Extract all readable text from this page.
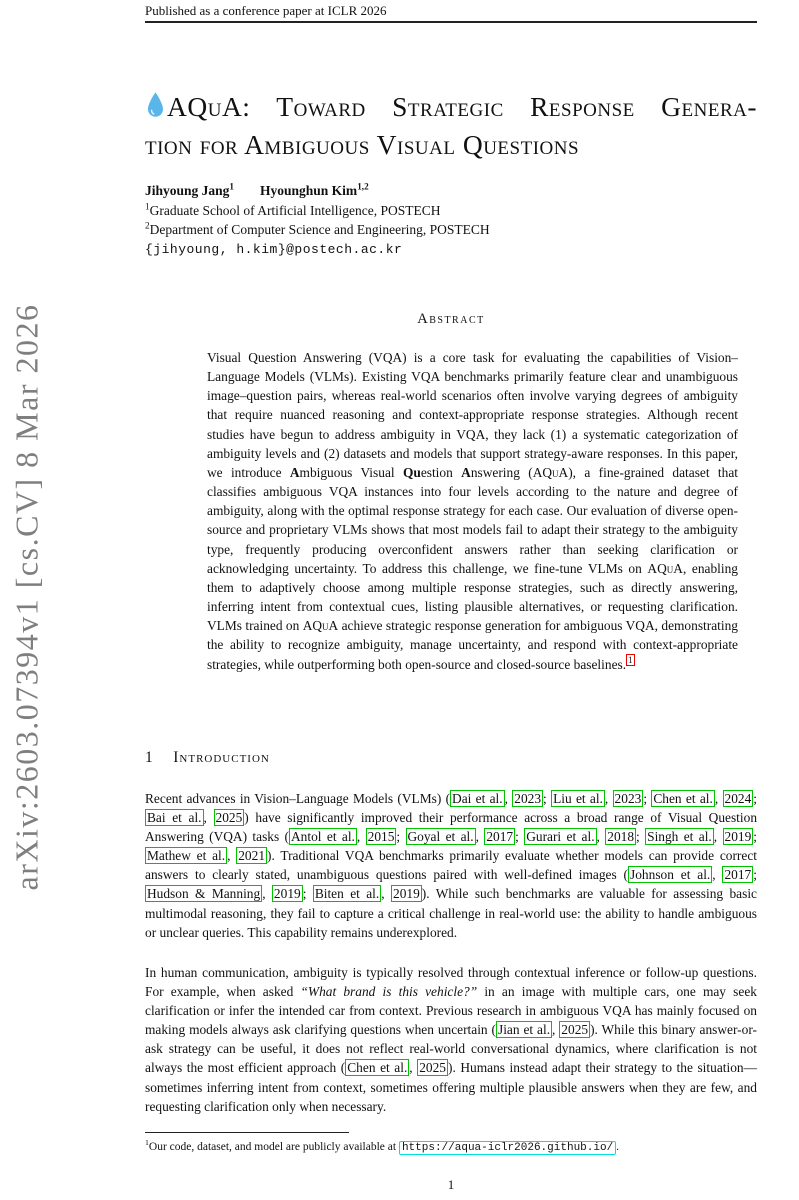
Published as a conference paper at ICLR 2026
arXiv:2603.07394v1 [cs.CV] 8 Mar 2026
AQuA: Toward Strategic Response Genera-
tion for Ambiguous Visual Questions
Jihyoung Jang$^1$ Hyounghun Kim$^{1,2}$
$^1$Graduate School of Artificial Intelligence, POSTECH
$^2$Department of Computer Science and Engineering, POSTECH
{jihyoung, h.kim}@postech.ac.kr
Abstract
Visual Question Answering (VQA) is a core task for evaluating the capabilities of Vision–Language Models (VLMs). Existing VQA benchmarks primarily feature clear and unambiguous image–question pairs, whereas real-world scenarios often involve varying degrees of ambiguity that require nuanced reasoning and context-appropriate response strategies. Although recent studies have begun to address ambiguity in VQA, they lack (1) a systematic categorization of ambiguity levels and (2) datasets and models that support strategy-aware responses. In this paper, we introduce Ambiguous Visual Question Answering (AQuA), a fine-grained dataset that classifies ambiguous VQA instances into four levels according to the nature and degree of ambiguity, along with the optimal response strategy for each case. Our evaluation of diverse open-source and proprietary VLMs shows that most models fail to adapt their strategy to the ambiguity type, frequently producing overconfident answers rather than seeking clarification or acknowledging uncertainty. To address this challenge, we fine-tune VLMs on AQuA, enabling them to adaptively choose among multiple response strategies, such as directly answering, inferring intent from contextual cues, listing plausible alternatives, or requesting clarification. VLMs trained on AQuA achieve strategic response generation for ambiguous VQA, demonstrating the ability to recognize ambiguity, manage uncertainty, and respond with context-appropriate strategies, while outperforming both open-source and closed-source baselines. $^1$
1 Introduction
Recent advances in Vision–Language Models (VLMs) ( Dai et al. , 2023 ; Liu et al. , 2023 ; Chen et al. , 2024 ; Bai et al. , 2025 ) have significantly improved their performance across a broad range of Visual Question Answering (VQA) tasks ( Antol et al. , 2015 ; Goyal et al. , 2017 ; Gurari et al. , 2018 ; Singh et al. , 2019 ; Mathew et al. , 2021 ). Traditional VQA benchmarks primarily evaluate whether models can provide correct answers to clearly stated, unambiguous questions paired with well-defined images ( Johnson et al. , 2017 ; Hudson & Manning , 2019 ; Biten et al. , 2019 ). While such benchmarks are valuable for assessing basic multimodal reasoning, they fail to capture a critical challenge in real-world use: the ability to handle ambiguous or unclear queries. This capability remains underexplored.
In human communication, ambiguity is typically resolved through contextual inference or follow-up questions. For example, when asked “What brand is this vehicle?” in an image with multiple cars, one may seek clarification or infer the intended car from context. Previous research in ambiguous VQA has mainly focused on making models always ask clarifying questions when uncertain ( Jian et al. , 2025 ). While this binary answer-or-ask strategy can be useful, it does not reflect real-world conversational dynamics, where clarification is not always the most efficient approach ( Chen et al. , 2025 ). Humans instead adapt their strategy to the situation—sometimes inferring intent from context, sometimes offering multiple plausible answers when they are few, and requesting clarification only when necessary.
$^1$Our code, dataset, and model are publicly available at https://aqua-iclr2026.github.io/ .
1
